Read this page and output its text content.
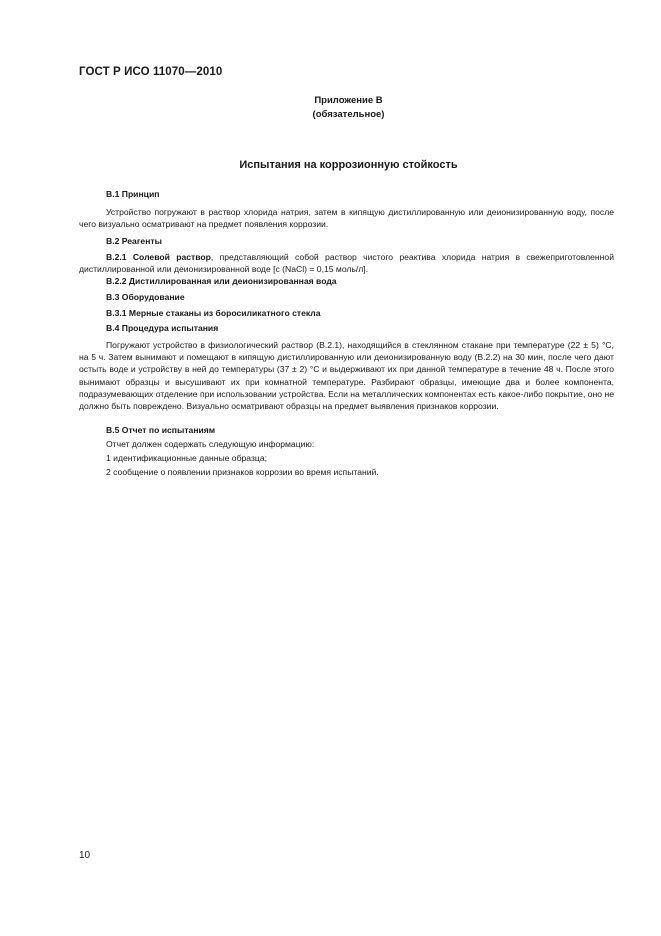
ГОСТ Р ИСО 11070—2010
Приложение В
(обязательное)
Испытания на коррозионную стойкость
В.1 Принцип
Устройство погружают в раствор хлорида натрия, затем в кипящую дистиллированную или деионизированную воду, после чего визуально осматривают на предмет появления коррозии.
В.2 Реагенты
В.2.1 Солевой раствор, представляющий собой раствор чистого реактива хлорида натрия в свежеприготовленной дистиллированной или деионизированной воде [c (NaCl) = 0,15 моль/л].
В.2.2 Дистиллированная или деионизированная вода
В.3 Оборудование
В.3.1 Мерные стаканы из боросиликатного стекла
В.4 Процедура испытания
Погружают устройство в физиологический раствор (В.2.1), находящийся в стеклянном стакане при температуре (22 ± 5) °С, на 5 ч. Затем вынимают и помещают в кипящую дистиллированную или деионизированную воду (В.2.2) на 30 мин, после чего дают остыть воде и устройству в ней до температуры (37 ± 2) °С и выдерживают их при данной температуре в течение 48 ч. После этого вынимают образцы и высушивают их при комнатной температуре. Разбирают образцы, имеющие два и более компонента, подразумевающих отделение при использовании устройства. Если на металлических компонентах есть какое-либо покрытие, оно не должно быть повреждено. Визуально осматривают образцы на предмет выявления признаков коррозии.
В.5 Отчет по испытаниям
Отчет должен содержать следующую информацию:
1 идентификационные данные образца;
2 сообщение о появлении признаков коррозии во время испытаний.
10
